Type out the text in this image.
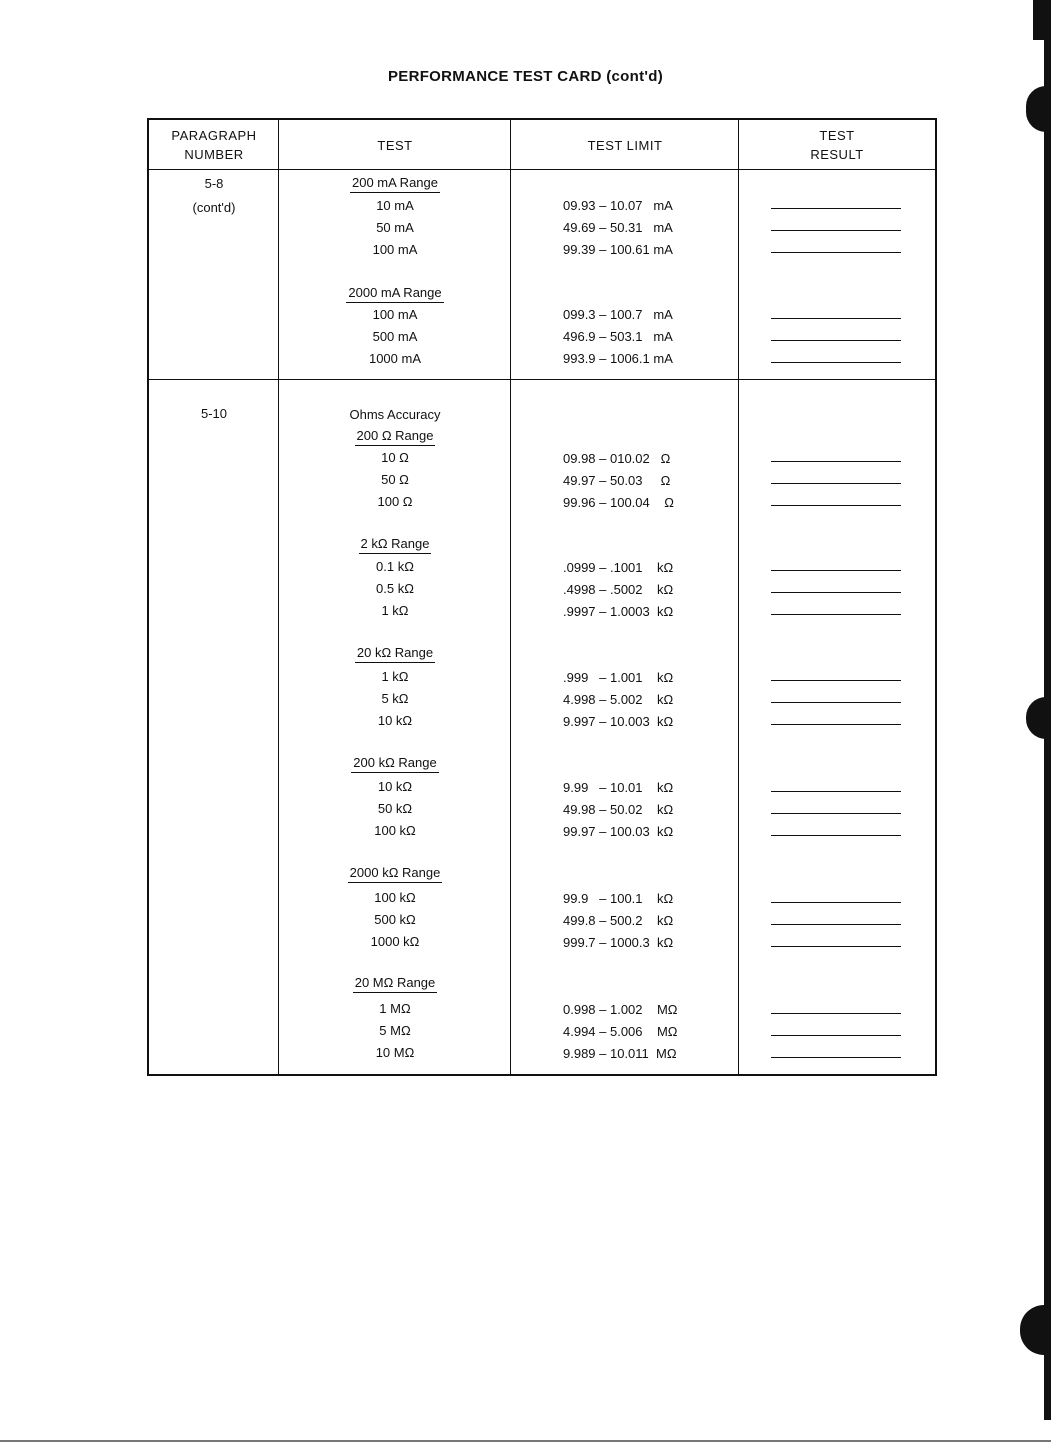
PERFORMANCE TEST CARD (cont'd)
PARAGRAPH
NUMBER
TEST	TEST LIMIT
TEST
RESULT
5-8
(cont'd)
200 mA Range
10 mA	09.93 – 10.07   mA
50 mA	49.69 – 50.31   mA
100 mA	99.39 – 100.61 mA
2000 mA Range
100 mA	099.3 – 100.7   mA
500 mA	496.9 – 503.1   mA
1000 mA	993.9 – 1006.1 mA
5-10	Ohms Accuracy
200 Ω Range
10 Ω	09.98 – 010.02   Ω
50 Ω	49.97 – 50.03     Ω
100 Ω	99.96 – 100.04    Ω
2 kΩ Range
0.1 kΩ	.0999 – .1001    kΩ
0.5 kΩ	.4998 – .5002    kΩ
1 kΩ	.9997 – 1.0003  kΩ
20 kΩ Range
1 kΩ	.999   – 1.001    kΩ
5 kΩ	4.998 – 5.002    kΩ
10 kΩ	9.997 – 10.003  kΩ
200 kΩ Range
10 kΩ	9.99   – 10.01    kΩ
50 kΩ	49.98 – 50.02    kΩ
100 kΩ	99.97 – 100.03  kΩ
2000 kΩ Range
100 kΩ	99.9   – 100.1    kΩ
500 kΩ	499.8 – 500.2    kΩ
1000 kΩ	999.7 – 1000.3  kΩ
20 MΩ Range
1 MΩ	0.998 – 1.002    MΩ
5 MΩ	4.994 – 5.006    MΩ
10 MΩ	9.989 – 10.011  MΩ
